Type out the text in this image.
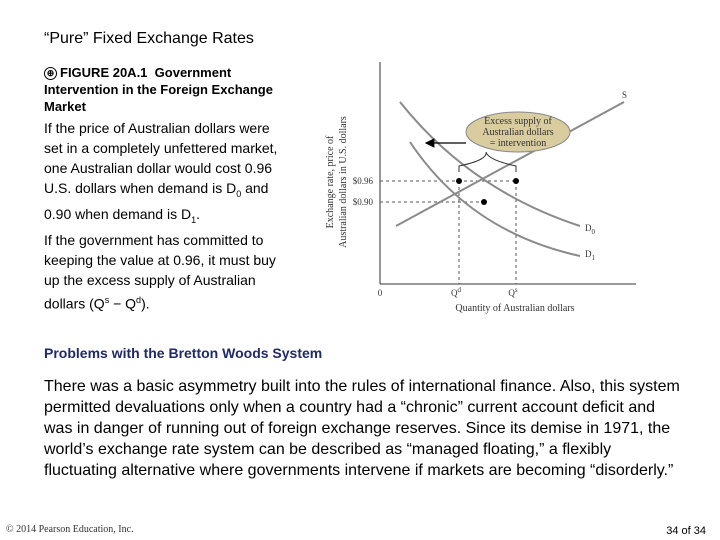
“Pure” Fixed Exchange Rates
⊕ FIGURE 20A.1 Government Intervention in the Foreign Exchange Market
If the price of Australian dollars were set in a completely unfettered market, one Australian dollar would cost 0.96 U.S. dollars when demand is $D_0$ and 0.90 when demand is $D_1$.
If the government has committed to keeping the value at 0.96, it must buy up the excess supply of Australian dollars $(Q^s - Q^d)$.
Exchange rate, price of Australian dollars in U.S. dollars	Excess supply of
Australian dollars
= intervention
$0.96
$0.90
0	$Q^d$	$Q^s$
Quantity of Australian dollars
S
$D_0$
$D_1$
Problems with the Bretton Woods System
There was a basic asymmetry built into the rules of international finance. Also, this system permitted devaluations only when a country had a “chronic” current account deficit and was in danger of running out of foreign exchange reserves. Since its demise in 1971, the world’s exchange rate system can be described as “managed floating,” a flexibly fluctuating alternative where governments intervene if markets are becoming “disorderly.”
© 2014 Pearson Education, Inc.	34 of 34
